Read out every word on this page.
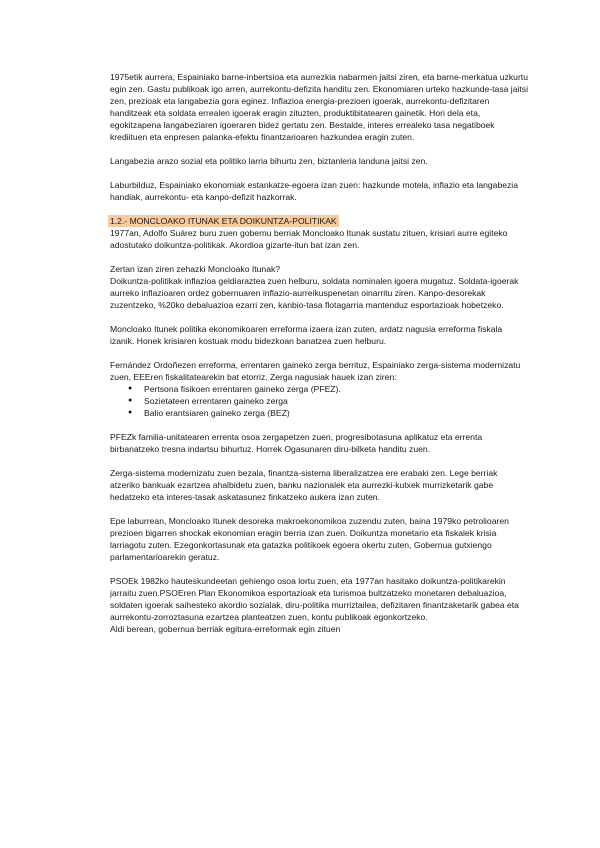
1975etik aurrera, Espainiako barne-inbertsioa eta aurrezkia nabarmen jaitsi ziren, eta barne-merkatua uzkurtu egin zen. Gastu publikoak igo arren, aurrekontu-defizita handitu zen. Ekonomiaren urteko hazkunde-tasa jaitsi zen, prezioak eta langabezia gora eginez. Inflazioa energia-prezioen igoerak, aurrekontu-defizitaren handitzeak eta soldata errealen igoerak eragin zituzten, produktibitatearen gainetik. Hori dela eta, egokitzapena langabeziaren igoeraren bidez gertatu zen. Bestalde, interes errealeko tasa negatiboek krediituen eta enpresen palanka-efektu finantzarioaren hazkundea eragin zuten.

Langabezia arazo sozial eta politiko larria bihurtu zen, biztanleria landuna jaitsi zen.

Laburbilduz, Espainiako ekonomiak estankatze-egoera izan zuen: hazkunde motela, inflazio eta langabezia handiak, aurrekontu- eta kanpo-defizit hazkorrak.

1.2.- MONCLOAKO ITUNAK ETA DOIKUNTZA-POLITIKAK

1977an, Adolfo Suárez buru zuen gobernu berriak Moncloako Itunak sustatu zituen, krisiari aurre egiteko adostutako doikuntza-politikak. Akordioa gizarte-itun bat izan zen.

Zertan izan ziren zehazki Moncloako Itunak?

Doikuntza-politikak inflazioa geldiaraztea zuen helburu, soldata nominalen igoera mugatuz. Soldata-igoerak aurreko inflazioaren ordez gobernuaren inflazio-aurreikuspenetan oinarritu ziren. Kanpo-desorekak zuzentzeko, %20ko debaluazioa ezarri zen, kanbio-tasa flotagarria mantenduz esportazioak hobetzeko.

Moncloako Itunek politika ekonomikoaren erreforma izaera izan zuten, ardatz nagusia erreforma fiskala izanik. Honek krisiaren kostuak modu bidezkoan banatzea zuen helburu.

Fernández Ordoñezen erreforma, errentaren gaineko zerga berrituz, Espainiako zerga-sistema modernizatu zuen, EEEren fiskalitatearekin bat etorriz. Zerga nagusiak hauek izan ziren:

● Pertsona fisikoen errentaren gaineko zerga (PFEZ).
● Sozietateen errentaren gaineko zerga
● Balio erantsiaren gaineko zerga (BEZ)

PFEZk familia-unitatearen errenta osoa zergapetzen zuen, progresibotasuna aplikatuz eta errenta birbanatzeko tresna indartsu bihurtuz. Horrek Ogasunaren diru-bilketa handitu zuen.

Zerga-sistema modernizatu zuen bezala, finantza-sistema liberalizatzea ere erabaki zen. Lege berriak atzeriko bankuak ezartzea ahalbidetu zuen, banku nazionalek eta aurrezki-kutxek murrizketarik gabe hedatzeko eta interes-tasak askatasunez finkatzeko aukera izan zuten.

Epe laburrean, Moncloako Itunek desoreka makroekonomikoa zuzendu zuten, baina 1979ko petrolioaren prezioen bigarren shockak ekonomian eragin berria izan zuen. Doikuntza monetario eta fiskalek krisia larriagotu zuten. Ezegonkortasunak eta gatazka politikoek egoera okertu zuten, Gobernua gutxiengo parlamentarioarekin geratuz.

PSOEk 1982ko hauteskundeetan gehiengo osoa lortu zuen, eta 1977an hasitako doikuntza-politikarekin jarraitu zuen.PSOEren Plan Ekonomikoa esportazioak eta turismoa bultzatzeko monetaren debaluazioa, soldaten igoerak saihesteko akordio sozialak, diru-politika murriztailea, defizitaren finantzaketarik gabea eta aurrekontu-zorroztasuna ezartzea planteatzen zuen, kontu publikoak egonkortzeko.

Aldi berean, gobernua berriak egitura-erreformak egin zituen
